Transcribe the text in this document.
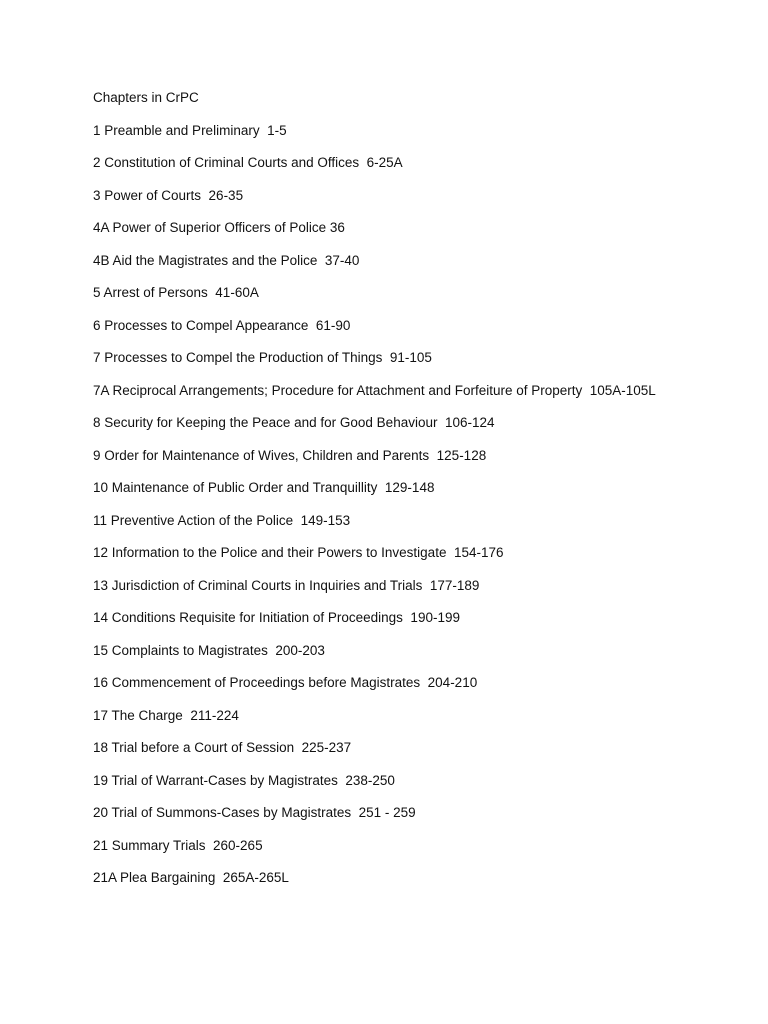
Chapters in CrPC

1 Preamble and Preliminary  1-5

2 Constitution of Criminal Courts and Offices  6-25A

3 Power of Courts  26-35

4A Power of Superior Officers of Police 36

4B Aid the Magistrates and the Police  37-40

5 Arrest of Persons  41-60A

6 Processes to Compel Appearance  61-90

7 Processes to Compel the Production of Things  91-105

7A Reciprocal Arrangements; Procedure for Attachment and Forfeiture of Property  105A-105L

8 Security for Keeping the Peace and for Good Behaviour  106-124

9 Order for Maintenance of Wives, Children and Parents  125-128

10 Maintenance of Public Order and Tranquillity  129-148

11 Preventive Action of the Police  149-153

12 Information to the Police and their Powers to Investigate  154-176

13 Jurisdiction of Criminal Courts in Inquiries and Trials  177-189

14 Conditions Requisite for Initiation of Proceedings  190-199

15 Complaints to Magistrates  200-203

16 Commencement of Proceedings before Magistrates  204-210

17 The Charge  211-224

18 Trial before a Court of Session  225-237

19 Trial of Warrant-Cases by Magistrates  238-250

20 Trial of Summons-Cases by Magistrates  251 - 259

21 Summary Trials  260-265

21A Plea Bargaining  265A-265L
